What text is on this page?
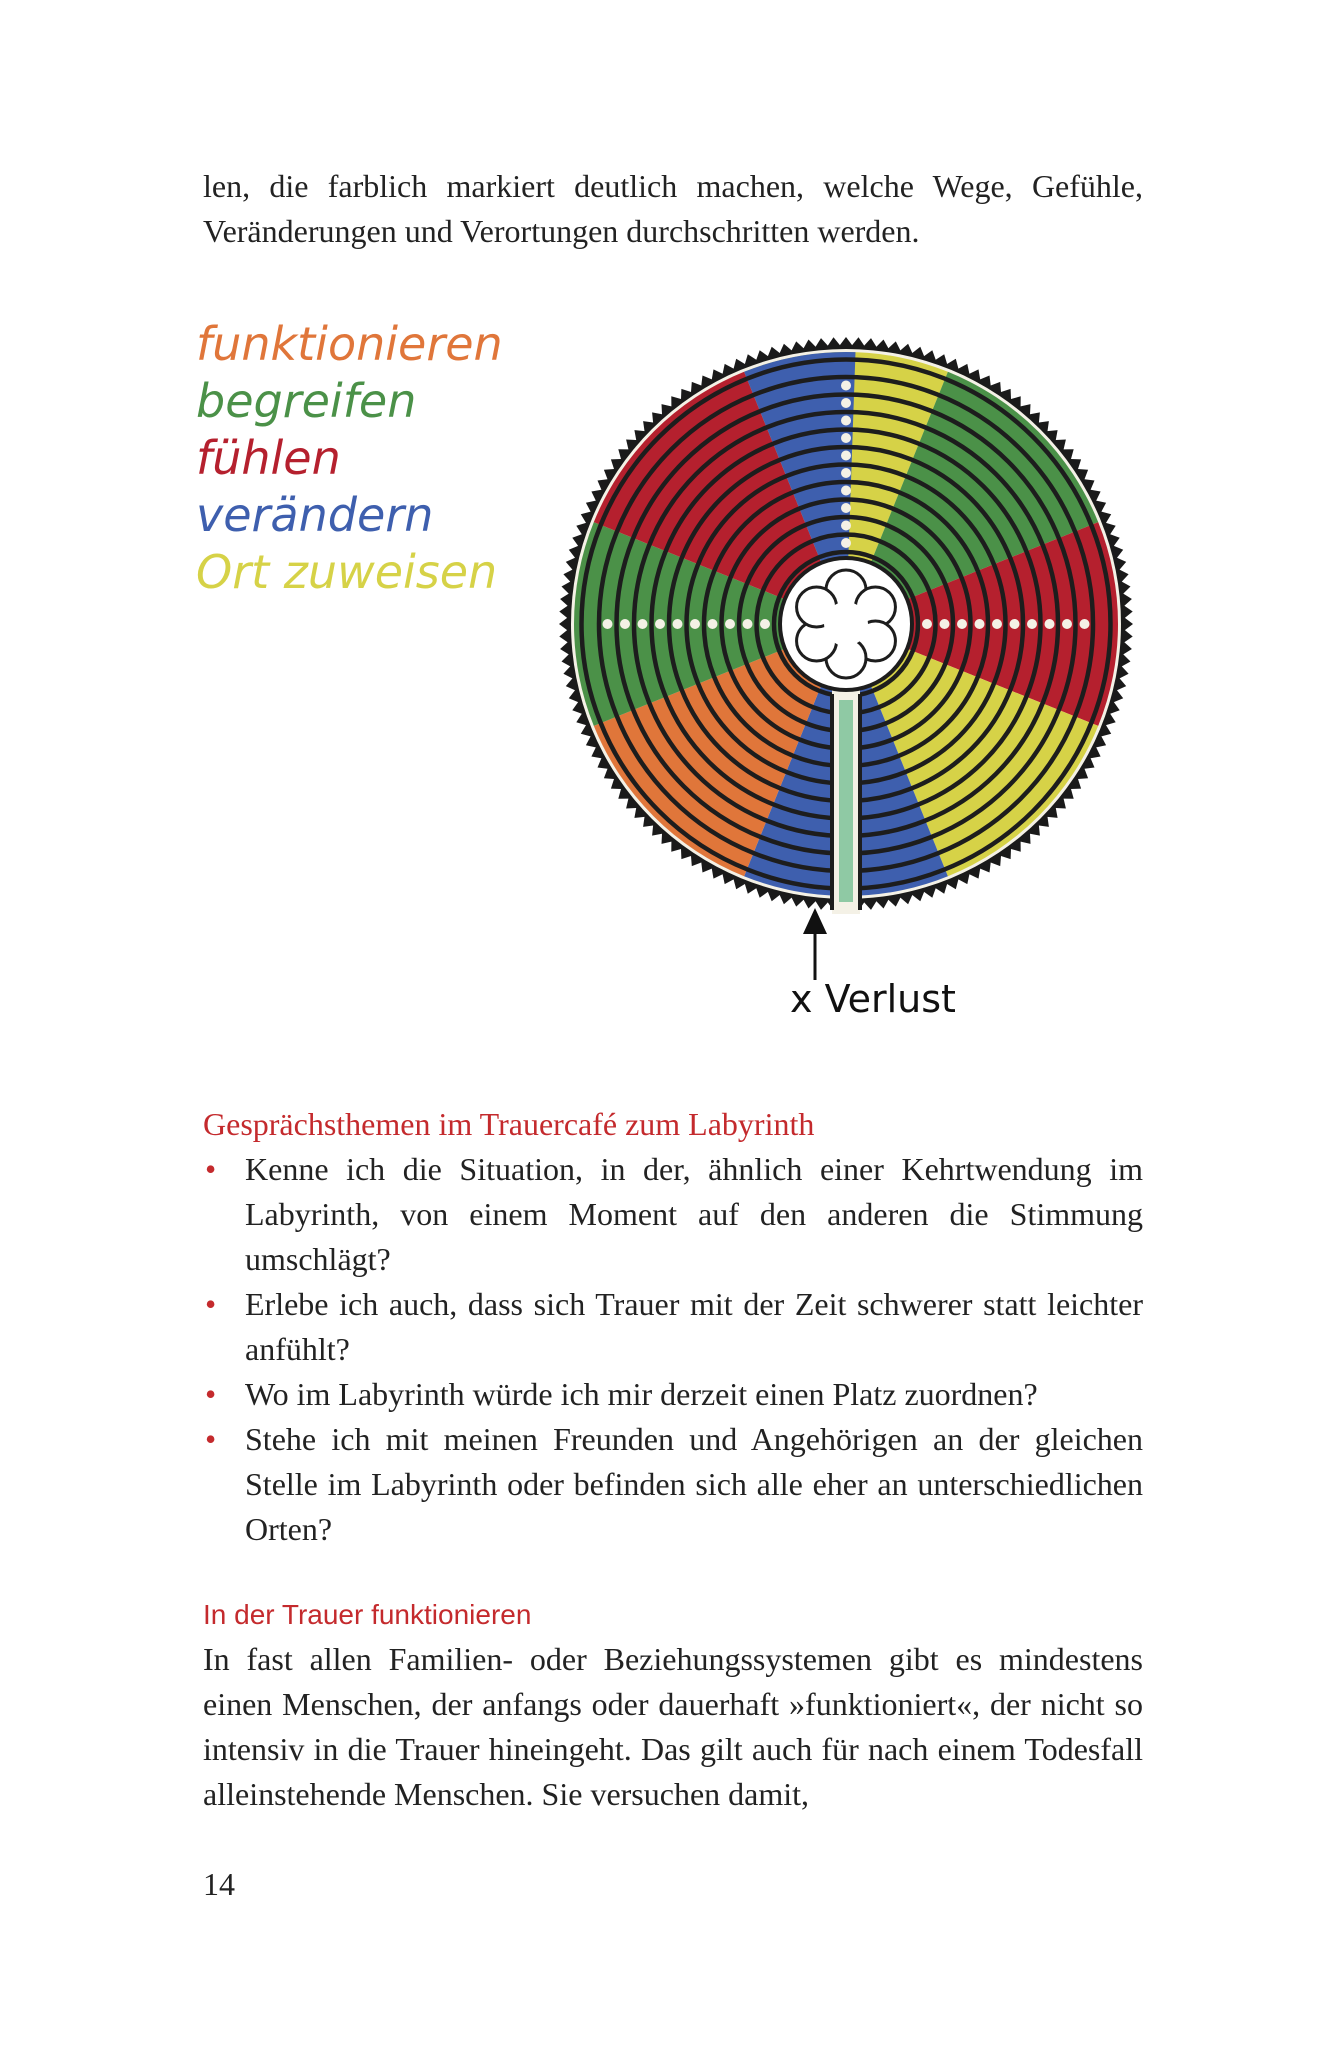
len, die farblich markiert deutlich machen, welche Wege, Gefühle, Veränderungen und Verortungen durchschritten werden.

funktionieren
begreifen
fühlen
verändern
Ort zuweisen
x Verlust

Gesprächsthemen im Trauercafé zum Labyrinth

• Kenne ich die Situation, in der, ähnlich einer Kehrtwendung im Labyrinth, von einem Moment auf den anderen die Stimmung umschlägt?
• Erlebe ich auch, dass sich Trauer mit der Zeit schwerer statt leichter anfühlt?
• Wo im Labyrinth würde ich mir derzeit einen Platz zuordnen?
• Stehe ich mit meinen Freunden und Angehörigen an der gleichen Stelle im Labyrinth oder befinden sich alle eher an unterschiedlichen Orten?

In der Trauer funktionieren

In fast allen Familien- oder Beziehungssystemen gibt es mindestens einen Menschen, der anfangs oder dauerhaft »funktioniert«, der nicht so intensiv in die Trauer hineingeht. Das gilt auch für nach einem Todesfall alleinstehende Menschen. Sie versuchen damit,

14
